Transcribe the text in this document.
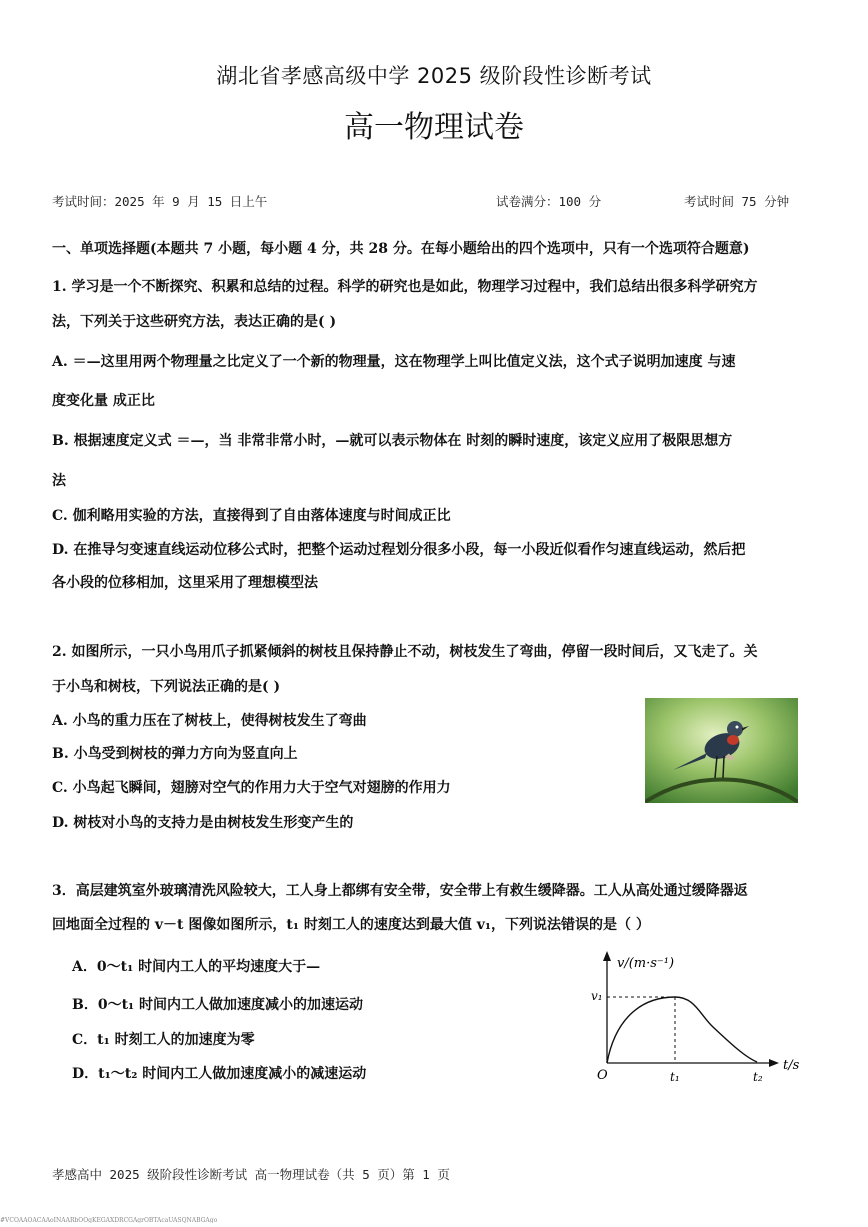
湖北省孝感高级中学 2025 级阶段性诊断考试
高一物理试卷
考试时间：2025 年 9 月 15 日上午	试卷满分：100 分	考试时间 75 分钟
一、单项选择题(本题共 7 小题，每小题 4 分，共 28 分。在每小题给出的四个选项中，只有一个选项符合题意)
1. 学习是一个不断探究、积累和总结的过程。科学的研究也是如此，物理学习过程中，我们总结出很多科学研究方
法，下列关于这些研究方法，表达正确的是( )
A. ＝—这里用两个物理量之比定义了一个新的物理量，这在物理学上叫比值定义法，这个式子说明加速度 与速
度变化量 成正比
B. 根据速度定义式 ＝—，当 非常非常小时，—就可以表示物体在 时刻的瞬时速度，该定义应用了极限思想方
法
C. 伽利略用实验的方法，直接得到了自由落体速度与时间成正比
D. 在推导匀变速直线运动位移公式时，把整个运动过程划分很多小段，每一小段近似看作匀速直线运动，然后把
各小段的位移相加，这里采用了理想模型法
2. 如图所示，一只小鸟用爪子抓紧倾斜的树枝且保持静止不动，树枝发生了弯曲，停留一段时间后，又飞走了。关
于小鸟和树枝，下列说法正确的是( )
A. 小鸟的重力压在了树枝上，使得树枝发生了弯曲
B. 小鸟受到树枝的弹力方向为竖直向上
C. 小鸟起飞瞬间，翅膀对空气的作用力大于空气对翅膀的作用力
D. 树枝对小鸟的支持力是由树枝发生形变产生的
3．高层建筑室外玻璃清洗风险较大，工人身上都绑有安全带，安全带上有救生缓降器。工人从高处通过缓降器返
回地面全过程的 v－t 图像如图所示，t₁ 时刻工人的速度达到最大值 v₁，下列说法错误的是（ ）
A．0～t₁ 时间内工人的平均速度大于—
B．0～t₁ 时间内工人做加速度减小的加速运动
C．t₁ 时刻工人的加速度为零
D．t₁～t₂ 时间内工人做加速度减小的减速运动
v/(m·s⁻¹)
t/s
O
v₁
t₁	t₂
孝感高中 2025 级阶段性诊断考试 高一物理试卷（共 5 页）第 1 页
#VCOAAOACAAoINAARbOOgKEGAXDRCGAgrOBTAcaUASQNABGAgo
